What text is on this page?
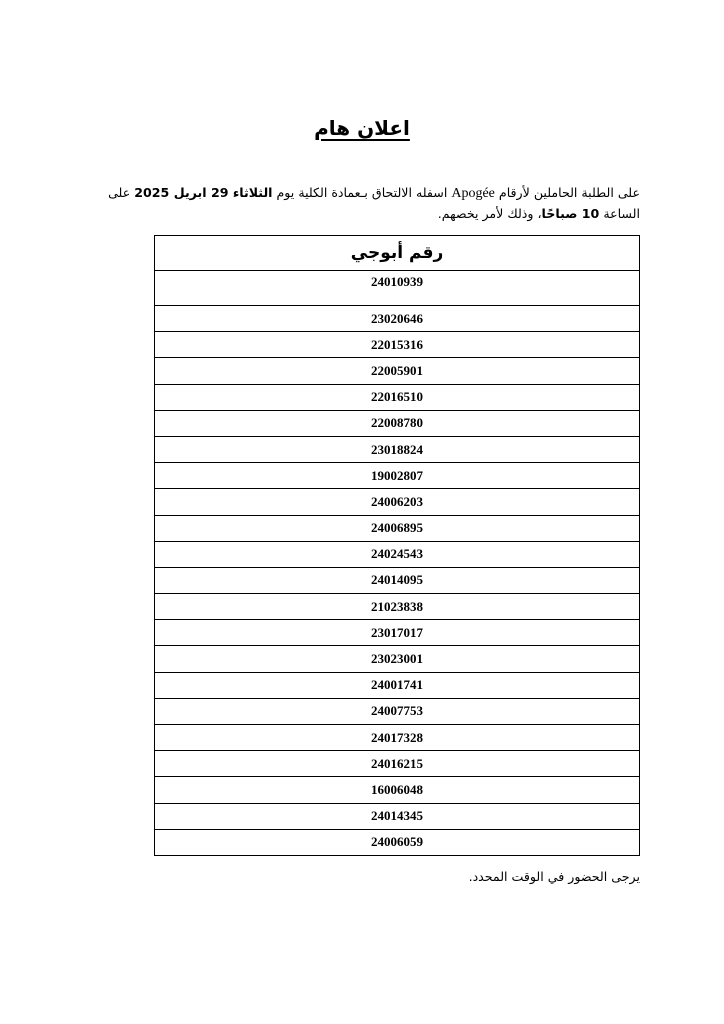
اعلان هام
على الطلبة الحاملين لأرقام Apogée اسفله الالتحاق بـعمادة الكلية يوم الثلاثاء 29 ابريل 2025 على الساعة 10 صباحًا، وذلك لأمر يخصهم.
رقم أبوجي
24010939
23020646
22015316
22005901
22016510
22008780
23018824
19002807
24006203
24006895
24024543
24014095
21023838
23017017
23023001
24001741
24007753
24017328
24016215
16006048
24014345
24006059
يرجى الحضور في الوقت المحدد.
